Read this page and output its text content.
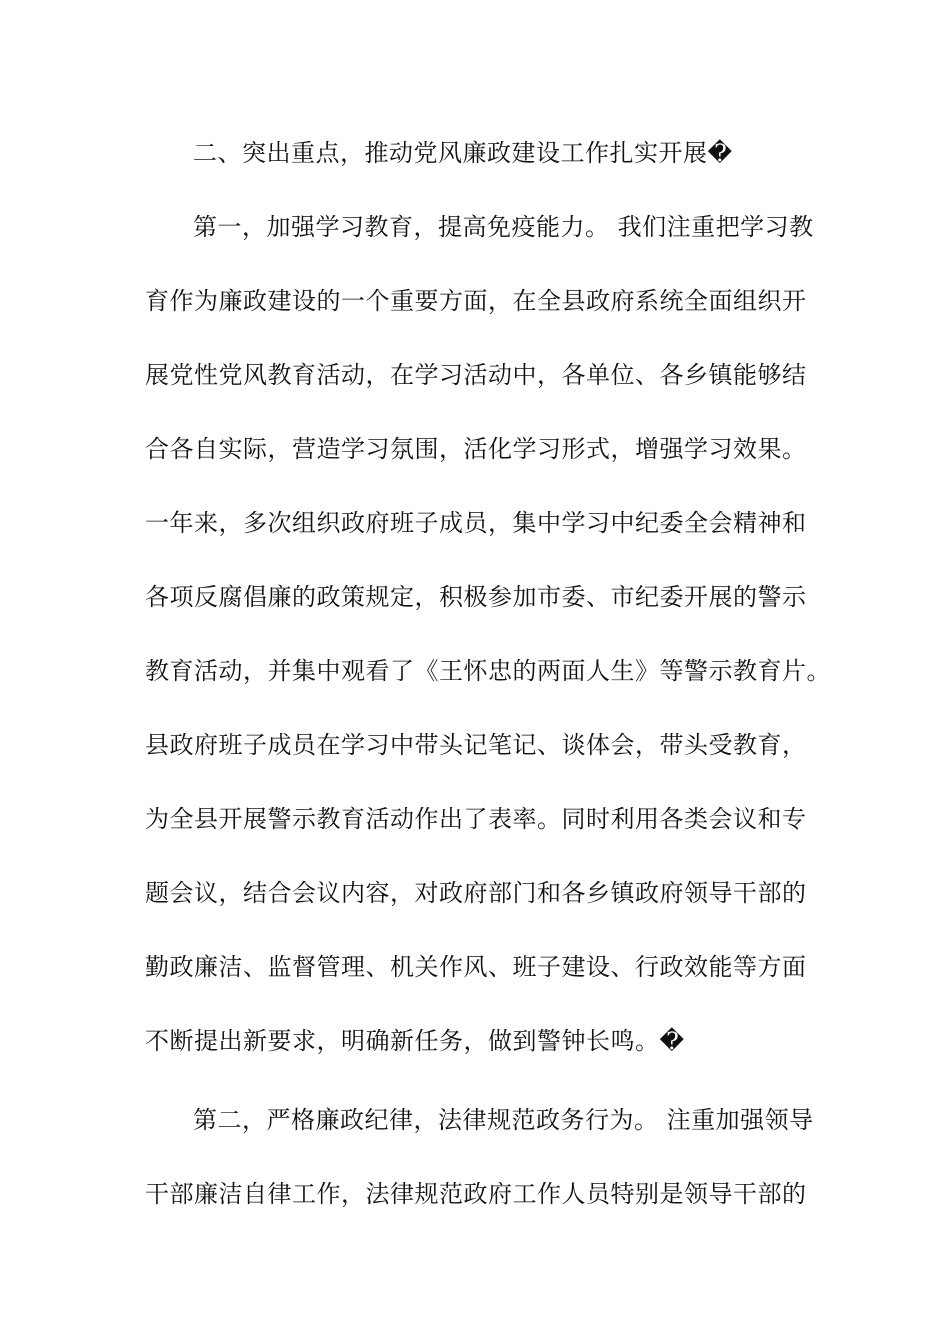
二、突出重点，推动党风廉政建设工作扎实开展�
第一，加强学习教育，提高免疫能力。 我们注重把学习教
育作为廉政建设的一个重要方面，在全县政府系统全面组织开
展党性党风教育活动，在学习活动中，各单位、各乡镇能够结
合各自实际，营造学习氛围，活化学习形式，增强学习效果。
一年来，多次组织政府班子成员，集中学习中纪委全会精神和
各项反腐倡廉的政策规定，积极参加市委、市纪委开展的警示
教育活动，并集中观看了《王怀忠的两面人生》等警示教育片。
县政府班子成员在学习中带头记笔记、谈体会，带头受教育，
为全县开展警示教育活动作出了表率。同时利用各类会议和专
题会议，结合会议内容，对政府部门和各乡镇政府领导干部的
勤政廉洁、监督管理、机关作风、班子建设、行政效能等方面
不断提出新要求，明确新任务，做到警钟长鸣。�
第二，严格廉政纪律，法律规范政务行为。 注重加强领导
干部廉洁自律工作，法律规范政府工作人员特别是领导干部的
